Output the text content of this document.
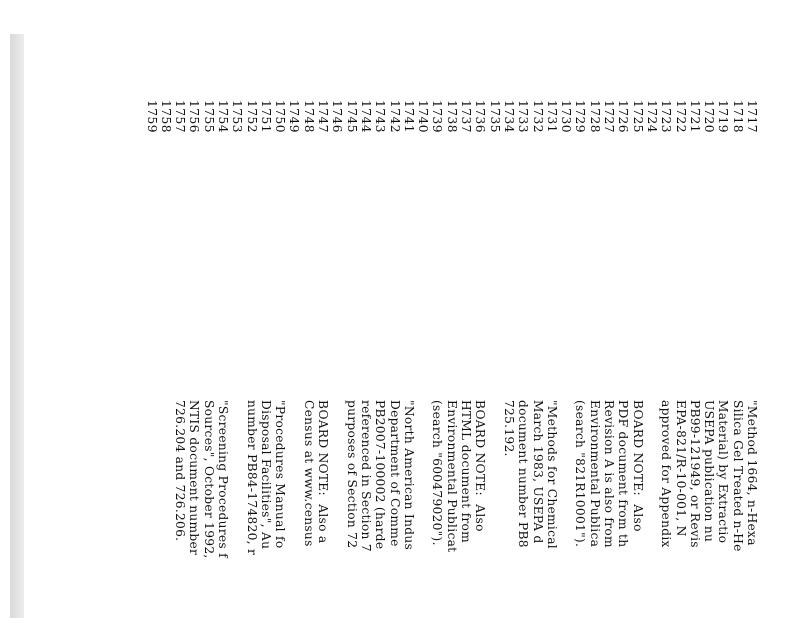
1717
1718
1719
1720
1721
1722
1723
1724
1725
1726
1727
1728
1729
1730
1731
1732
1733
1734
1735
1736
1737
1738
1739
1740
1741
1742
1743
1744
1745
1746
1747
1748
1749
1750
1751
1752
1753
1754
1755
1756
1757
1758
1759
"Method 1664, n-Hexa
Silica Gel Treated n-He
Material) by Extractio
USEPA publication nu
PB99-121949, or Revis
EPA-821/R-10-001, N
approved for Appendix
BOARD NOTE:  Also
PDF document from th
Revision A is also from
Environmental Publica
(search "821R10001").
"Methods for Chemical
March 1983, USEPA d
document number PB8
725.192.
BOARD NOTE:  Also
HTML document from
Environmental Publicat
(search "600479020").
"North American Indus
Department of Comme
PB2007-100002 (harde
referenced in Section 7
purposes of Section 72
BOARD NOTE:  Also a
Census at www.census
"Procedures Manual fo
Disposal Facilities", Au
number PB84-174820, r
"Screening Procedures f
Sources", October 1992,
NTIS document number
726.204 and 726.206.
